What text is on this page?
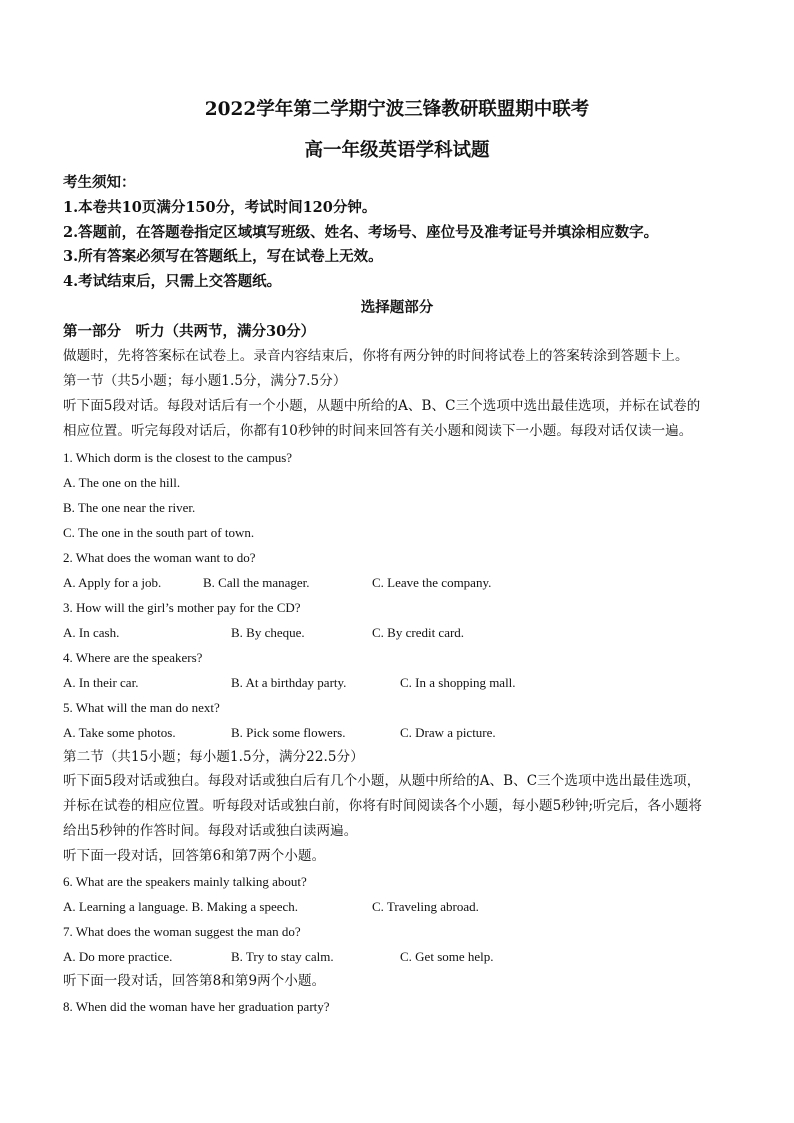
2022学年第二学期宁波三锋教研联盟期中联考
高一年级英语学科试题
考生须知：
1.本卷共10页满分150分，考试时间120分钟。
2.答题前，在答题卷指定区域填写班级、姓名、考场号、座位号及准考证号并填涂相应数字。
3.所有答案必须写在答题纸上，写在试卷上无效。
4.考试结束后，只需上交答题纸。
选择题部分
第一部分　听力（共两节，满分30分）
做题时，先将答案标在试卷上。录音内容结束后，你将有两分钟的时间将试卷上的答案转涂到答题卡上。
第一节（共5小题；每小题1.5分，满分7.5分）
听下面5段对话。每段对话后有一个小题，从题中所给的A、B、C三个选项中选出最佳选项，并标在试卷的
相应位置。听完每段对话后，你都有10秒钟的时间来回答有关小题和阅读下一小题。每段对话仅读一遍。
1. Which dorm is the closest to the campus?
A. The one on the hill.
B. The one near the river.
C. The one in the south part of town.
2. What does the woman want to do?
A. Apply for a job.	B. Call the manager.	C. Leave the company.
3. How will the girl’s mother pay for the CD?
A. In cash.	B. By cheque.	C. By credit card.
4. Where are the speakers?
A. In their car.	B. At a birthday party.	C. In a shopping mall.
5. What will the man do next?
A. Take some photos.	B. Pick some flowers.	C. Draw a picture.
第二节（共15小题；每小题1.5分，满分22.5分）
听下面5段对话或独白。每段对话或独白后有几个小题，从题中所给的A、B、C三个选项中选出最佳选项，
并标在试卷的相应位置。听每段对话或独白前，你将有时间阅读各个小题，每小题5秒钟;听完后，各小题将
给出5秒钟的作答时间。每段对话或独白读两遍。
听下面一段对话，回答第6和第7两个小题。
6. What are the speakers mainly talking about?
A. Learning a language. B. Making a speech.	C. Traveling abroad.
7. What does the woman suggest the man do?
A. Do more practice.	B. Try to stay calm.	C. Get some help.
听下面一段对话，回答第8和第9两个小题。
8. When did the woman have her graduation party?
